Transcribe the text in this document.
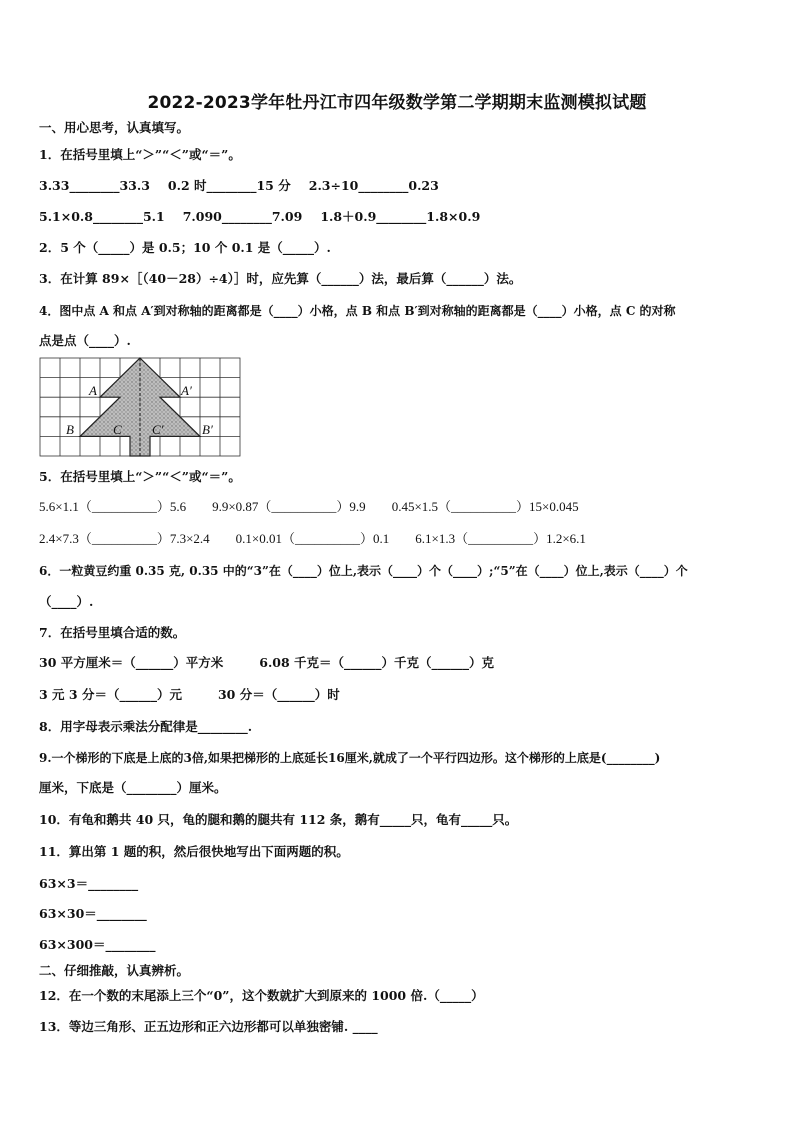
2022-2023学年牡丹江市四年级数学第二学期期末监测模拟试题
一、用心思考，认真填写。
1．在括号里填上“＞”“＜”或“＝”。
3.33________33.3 0.2 时________15 分 2.3÷10________0.23
5.1×0.8________5.1 7.090________7.09 1.8＋0.9________1.8×0.9
2．5 个（_____）是 0.5；10 个 0.1 是（_____）.
3．在计算 89×［（40－28）÷4）］时，应先算（______）法，最后算（______）法。
4．图中点 A 和点 A′到对称轴的距离都是（____）小格，点 B 和点 B′到对称轴的距离都是（____）小格，点 C 的对称
点是点（____）.
A	A′
B	B′
C C′
5．在括号里填上“＞”“＜”或“＝”。
5.6×1.1（__________）5.6 9.9×0.87（__________）9.9 0.45×1.5（__________）15×0.045
2.4×7.3（__________）7.3×2.4 0.1×0.01（__________）0.1 6.1×1.3（__________）1.2×6.1
6．一粒黄豆约重 0.35 克, 0.35 中的“3”在（____）位上,表示（____）个（____）;“5”在（____）位上,表示（____）个
（____）.
7．在括号里填合适的数。
30 平方厘米＝（______）平方米	6.08 千克＝（______）千克（______）克
3 元 3 分＝（______）元	30 分＝（______）时
8．用字母表示乘法分配律是________.
9.一个梯形的下底是上底的3倍,如果把梯形的上底延长16厘米,就成了一个平行四边形。这个梯形的上底是(________)
厘米，下底是（________）厘米。
10．有龟和鹅共 40 只，龟的腿和鹅的腿共有 112 条，鹅有_____只，龟有_____只。
11．算出第 1 题的积，然后很快地写出下面两题的积。
63×3＝________
63×30＝________
63×300＝________
二、仔细推敲，认真辨析。
12．在一个数的末尾添上三个“0”，这个数就扩大到原来的 1000 倍.（_____）
13．等边三角形、正五边形和正六边形都可以单独密铺. ____
